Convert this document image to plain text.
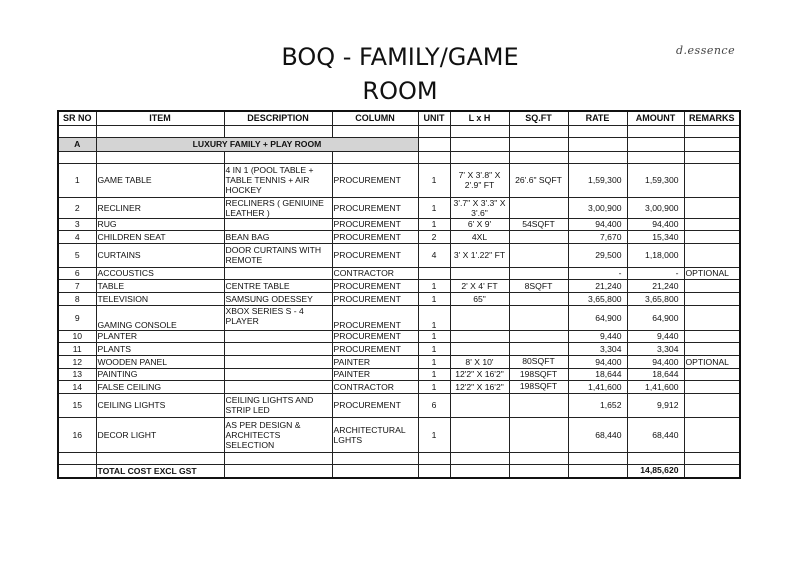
BOQ - FAMILY/GAME
ROOM
d.essence
SR NO	ITEM	DESCRIPTION	COLUMN	UNIT	L x H	SQ.FT	RATE	AMOUNT	REMARKS

A	LUXURY FAMILY + PLAY ROOM								

1	GAME TABLE	4 IN 1 (POOL TABLE + TABLE TENNIS + AIR HOCKEY	PROCUREMENT	1	7' X 3'.8" X 2'.9" FT	26'.6" SQFT	1,59,300	1,59,300	
2	RECLINER	RECLINERS ( GENIUINE LEATHER )	PROCUREMENT	1	3'.7" X 3'.3" X 3'.6"		3,00,900	3,00,900	
3	RUG		PROCUREMENT	1	6' X 9'	54SQFT	94,400	94,400	
4	CHILDREN SEAT	BEAN BAG	PROCUREMENT	2	4XL		7,670	15,340	
5	CURTAINS	DOOR CURTAINS WITH REMOTE	PROCUREMENT	4	3' X 1'.22" FT		29,500	1,18,000	
6	ACCOUSTICS		CONTRACTOR				-	-	OPTIONAL
7	TABLE	CENTRE TABLE	PROCUREMENT	1	2' X 4' FT	8SQFT	21,240	21,240	
8	TELEVISION	SAMSUNG ODESSEY	PROCUREMENT	1	65"		3,65,800	3,65,800	
9	GAMING CONSOLE	XBOX SERIES S - 4 PLAYER	PROCUREMENT	1			64,900	64,900	
10	PLANTER		PROCUREMENT	1			9,440	9,440	
11	PLANTS		PROCUREMENT	1			3,304	3,304	
12	WOODEN PANEL		PAINTER	1	8' X 10'	80SQFT	94,400	94,400	OPTIONAL
13	PAINTING		PAINTER	1	12'2" X 16'2"	198SQFT	18,644	18,644	
14	FALSE CEILING		CONTRACTOR	1	12'2" X 16'2"	198SQFT	1,41,600	1,41,600	
15	CEILING LIGHTS	CEILING LIGHTS AND STRIP LED	PROCUREMENT	6			1,652	9,912	
16	DECOR LIGHT	AS PER DESIGN & ARCHITECTS SELECTION	ARCHITECTURAL LGHTS	1			68,440	68,440	

	TOTAL COST EXCL GST							14,85,620	
